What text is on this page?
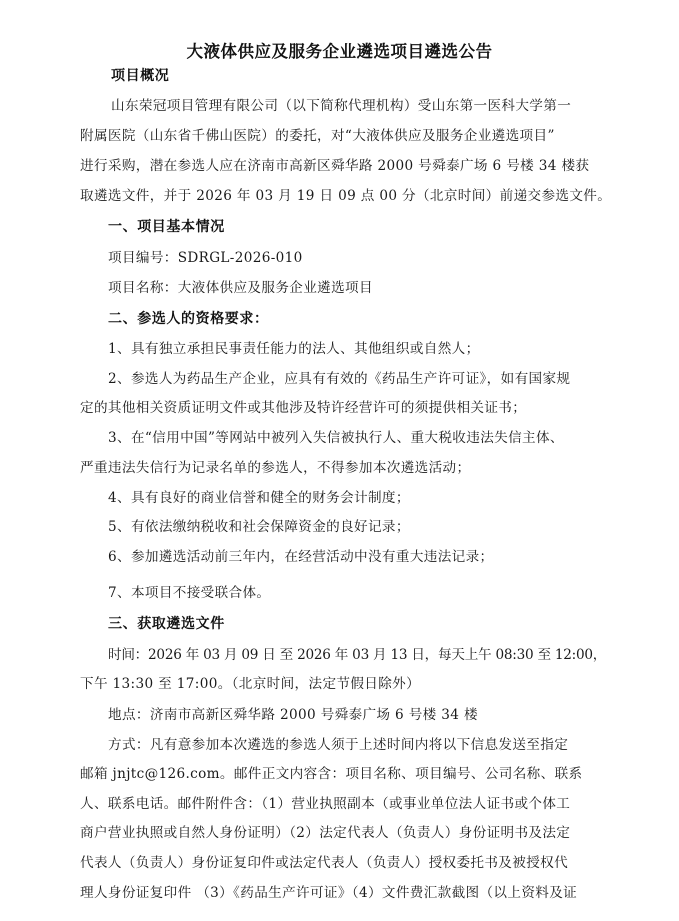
大液体供应及服务企业遴选项目遴选公告
项目概况
山东荣冠项目管理有限公司（以下简称代理机构）受山东第一医科大学第一
附属医院（山东省千佛山医院）的委托，对“大液体供应及服务企业遴选项目”
进行采购，潜在参选人应在济南市高新区舜华路 2000 号舜泰广场 6 号楼 34 楼获
取遴选文件，并于 2026 年 03 月 19 日 09 点 00 分（北京时间）前递交参选文件。
一、项目基本情况
项目编号：SDRGL-2026-010
项目名称：大液体供应及服务企业遴选项目
二、参选人的资格要求：
1、具有独立承担民事责任能力的法人、其他组织或自然人；
2、参选人为药品生产企业，应具有有效的《药品生产许可证》，如有国家规
定的其他相关资质证明文件或其他涉及特许经营许可的须提供相关证书；
3、在“信用中国”等网站中被列入失信被执行人、重大税收违法失信主体、
严重违法失信行为记录名单的参选人，不得参加本次遴选活动；
4、具有良好的商业信誉和健全的财务会计制度；
5、有依法缴纳税收和社会保障资金的良好记录；
6、参加遴选活动前三年内，在经营活动中没有重大违法记录；
7、本项目不接受联合体。
三、获取遴选文件
时间：2026 年 03 月 09 日 至 2026 年 03 月 13 日，每天上午 08:30 至 12:00，
下午 13:30 至 17:00。（北京时间，法定节假日除外）
地点：济南市高新区舜华路 2000 号舜泰广场 6 号楼 34 楼
方式：凡有意参加本次遴选的参选人须于上述时间内将以下信息发送至指定
邮箱 jnjtc@126.com。邮件正文内容含：项目名称、项目编号、公司名称、联系
人、联系电话。邮件附件含：（1）营业执照副本（或事业单位法人证书或个体工
商户营业执照或自然人身份证明）（2）法定代表人（负责人）身份证明书及法定
代表人（负责人）身份证复印件或法定代表人（负责人）授权委托书及被授权代
理人身份证复印件 （3）《药品生产许可证》（4）文件费汇款截图（以上资料及证
